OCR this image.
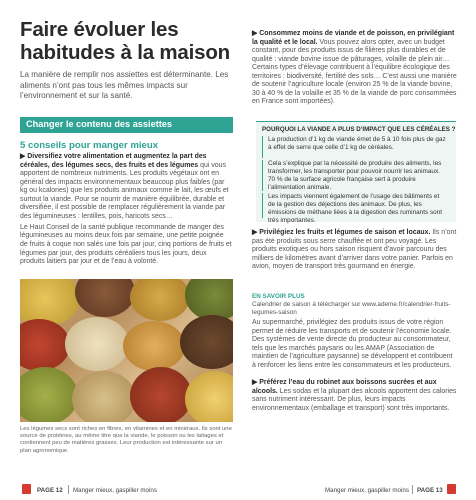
Faire évoluer les
habitudes à la maison
La manière de remplir nos assiettes est déterminante. Les aliments n’ont pas tous les mêmes impacts sur l’environnement et sur la santé.
Changer le contenu des assiettes
5 conseils pour manger mieux

▶ Diversifiez votre alimentation et augmentez la part des céréales, des légumes secs, des fruits et des légumes qui vous apportent de nombreux nutriments. Les produits végétaux ont en général des impacts environnementaux beaucoup plus faibles (par kg ou kcalories) que les produits animaux comme le lait, les œufs et surtout la viande. Pour se nourrir de manière équilibrée, durable et diversifiée, il est possible de remplacer régulièrement la viande par des légumineuses : lentilles, pois, haricots secs…

Le Haut Conseil de la santé publique recommande de manger des légumineuses au moins deux fois par semaine, une petite poignée de fruits à coque non salés une fois par jour, cinq portions de fruits et légumes par jour, des produits céréaliers tous les jours, deux produits laitiers par jour et de l’eau à volonté.

Les légumes secs sont riches en fibres, en vitamines et en minéraux. Ils sont une source de protéines, au même titre que la viande, le poisson ou les laitages et contiennent peu de matières grasses. Leur production est intéressante sur un plan agronomique.

▶ Consommez moins de viande et de poisson, en privilégiant la qualité et le local. Vous pouvez alors opter, avec un budget constant, pour des produits issus de filières plus durables et de qualité : viande bovine issue de pâturages, volaille de plein air… Certains types d’élevage contribuent à l’équilibre écologique des territoires : biodiversité, fertilité des sols… C’est aussi une manière de soutenir l’agriculture locale (environ 25 % de la viande bovine, 30 à 40 % de la volaille et 35 % de la viande de porc consommées en France sont importées).

POURQUOI LA VIANDE A PLUS D’IMPACT QUE LES CÉRÉALES ?
La production d’1 kg de viande émet de 5 à 10 fois plus de gaz à effet de serre que celle d’1 kg de céréales.
Cela s’explique par la nécessité de produire des aliments, les transformer, les transporter pour pouvoir nourrir les animaux. 70 % de la surface agricole française sert à produire l’alimentation animale.
Les impacts viennent également de l’usage des bâtiments et de la gestion des déjections des animaux. De plus, les émissions de méthane liées à la digestion des ruminants sont très importantes.

▶ Privilégiez les fruits et légumes de saison et locaux. Ils n’ont pas été produits sous serre chauffée et ont peu voyagé. Les produits exotiques ou hors saison risquent d’avoir parcouru des milliers de kilomètres avant d’arriver dans votre panier. Parfois en avion, moyen de transport très gourmand en énergie.

EN SAVOIR PLUS
Calendrier de saison à télécharger sur www.ademe.fr/calendrier-fruits-legumes-saison

Au supermarché, privilégiez des produits issus de votre région permet de réduire les transports et de soutenir l’économie locale. Des systèmes de vente directe du producteur au consommateur, tels que les marchés paysans ou les AMAP (Association de maintien de l’agriculture paysanne) se développent et contribuent à renforcer les liens entre les consommateurs et les producteurs.

▶ Préférez l’eau du robinet aux boissons sucrées et aux alcools. Les sodas et la plupart des alcools apportent des calories sans nutriment intéressant. De plus, leurs impacts environnementaux (emballage et transport) sont très importants.

PAGE 12 Manger mieux, gaspiller moins	Manger mieux, gaspiller moins PAGE 13
